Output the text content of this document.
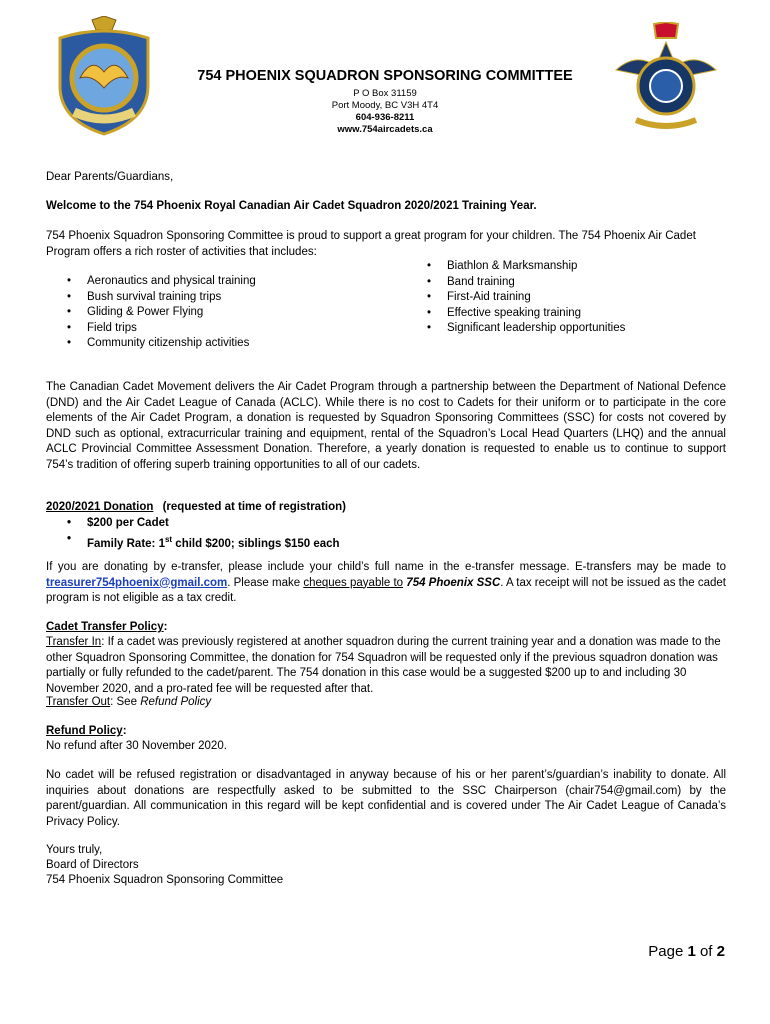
754 PHOENIX SQUADRON SPONSORING COMMITTEE
P O Box 31159
Port Moody, BC V3H 4T4
604-936-8211
www.754aircadets.ca
Dear Parents/Guardians,
Welcome to the 754 Phoenix Royal Canadian Air Cadet Squadron 2020/2021 Training Year.
754 Phoenix Squadron Sponsoring Committee is proud to support a great program for your children. The 754 Phoenix Air Cadet Program offers a rich roster of activities that includes:
• Aeronautics and physical training
• Bush survival training trips
• Gliding & Power Flying
• Field trips
• Community citizenship activities
• Biathlon & Marksmanship
• Band training
• First-Aid training
• Effective speaking training
• Significant leadership opportunities
The Canadian Cadet Movement delivers the Air Cadet Program through a partnership between the Department of National Defence (DND) and the Air Cadet League of Canada (ACLC). While there is no cost to Cadets for their uniform or to participate in the core elements of the Air Cadet Program, a donation is requested by Squadron Sponsoring Committees (SSC) for costs not covered by DND such as optional, extracurricular training and equipment, rental of the Squadron’s Local Head Quarters (LHQ) and the annual ACLC Provincial Committee Assessment Donation. Therefore, a yearly donation is requested to enable us to continue to support 754’s tradition of offering superb training opportunities to all of our cadets.
2020/2021 Donation (requested at time of registration)
• $200 per Cadet
• Family Rate: 1st child $200; siblings $150 each
If you are donating by e-transfer, please include your child’s full name in the e-transfer message. E-transfers may be made to treasurer754phoenix@gmail.com. Please make cheques payable to 754 Phoenix SSC. A tax receipt will not be issued as the cadet program is not eligible as a tax credit.
Cadet Transfer Policy:
Transfer In: If a cadet was previously registered at another squadron during the current training year and a donation was made to the other Squadron Sponsoring Committee, the donation for 754 Squadron will be requested only if the previous squadron donation was partially or fully refunded to the cadet/parent. The 754 donation in this case would be a suggested $200 up to and including 30 November 2020, and a pro-rated fee will be requested after that.
Transfer Out: See Refund Policy
Refund Policy:
No refund after 30 November 2020.
No cadet will be refused registration or disadvantaged in anyway because of his or her parent’s/guardian’s inability to donate. All inquiries about donations are respectfully asked to be submitted to the SSC Chairperson (chair754@gmail.com) by the parent/guardian. All communication in this regard will be kept confidential and is covered under The Air Cadet League of Canada’s Privacy Policy.
Yours truly,
Board of Directors
754 Phoenix Squadron Sponsoring Committee
Page 1 of 2
